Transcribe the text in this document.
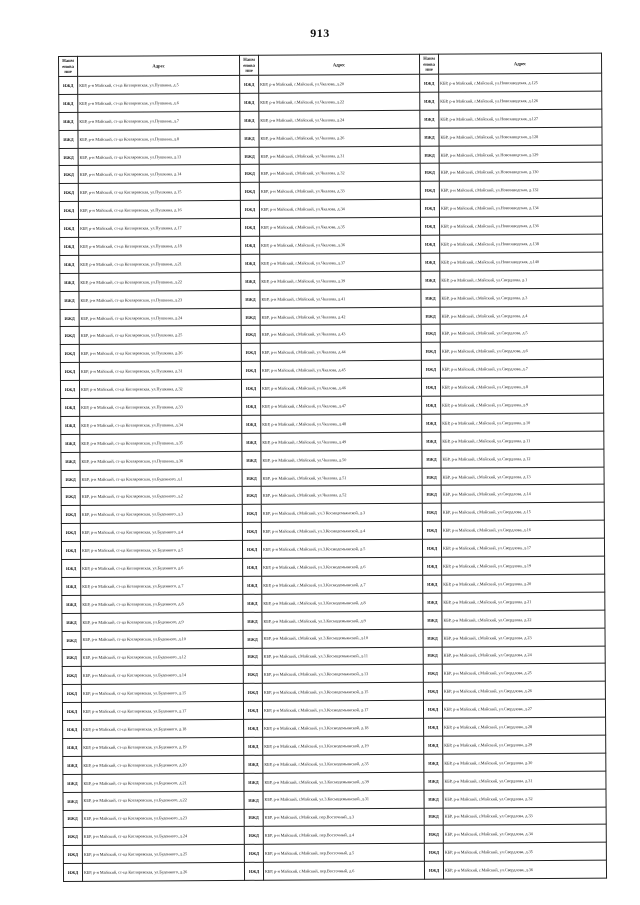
913
Наим енова ние	Адрес	Наим енова ние	Адрес	Наим енова ние	Адрес
ИЖД	КБР, р-н Майский, ст-ца Котляревская, ул.Пушкина, д.5	ИЖД	КБР, р-н Майский, г.Майский, ул.Чкалова, д.20	ИЖД	КБР, р-н Майский, г.Майский, ул.Новозаводская, д.125
ИЖД	КБР, р-н Майский, ст-ца Котляревская, ул.Пушкина, д.6	ИЖД	КБР, р-н Майский, г.Майский, ул.Чкалова, д.22	ИЖД	КБР, р-н Майский, г.Майский, ул.Новозаводская, д.126
ИЖД	КБР, р-н Майский, ст-ца Котляревская, ул.Пушкина, д.7	ИЖД	КБР, р-н Майский, г.Майский, ул.Чкалова, д.24	ИЖД	КБР, р-н Майский, г.Майский, ул.Новозаводская, д.127
ИЖД	КБР, р-н Майский, ст-ца Котляревская, ул.Пушкина, д.8	ИЖД	КБР, р-н Майский, г.Майский, ул.Чкалова, д.26	ИЖД	КБР, р-н Майский, г.Майский, ул.Новозаводская, д.128
ИЖД	КБР, р-н Майский, ст-ца Котляревская, ул.Пушкина, д.13	ИЖД	КБР, р-н Майский, г.Майский, ул.Чкалова, д.31	ИЖД	КБР, р-н Майский, г.Майский, ул.Новозаводская, д.129
ИЖД	КБР, р-н Майский, ст-ца Котляревская, ул.Пушкина, д.14	ИЖД	КБР, р-н Майский, г.Майский, ул.Чкалова, д.32	ИЖД	КБР, р-н Майский, г.Майский, ул.Новозаводская, д.130
ИЖД	КБР, р-н Майский, ст-ца Котляревская, ул.Пушкина, д.15	ИЖД	КБР, р-н Майский, г.Майский, ул.Чкалова, д.33	ИЖД	КБР, р-н Майский, г.Майский, ул.Новозаводская, д.132
ИЖД	КБР, р-н Майский, ст-ца Котляревская, ул.Пушкина, д.16	ИЖД	КБР, р-н Майский, г.Майский, ул.Чкалова, д.34	ИЖД	КБР, р-н Майский, г.Майский, ул.Новозаводская, д.134
ИЖД	КБР, р-н Майский, ст-ца Котляревская, ул.Пушкина, д.17	ИЖД	КБР, р-н Майский, г.Майский, ул.Чкалова, д.35	ИЖД	КБР, р-н Майский, г.Майский, ул.Новозаводская, д.136
ИЖД	КБР, р-н Майский, ст-ца Котляревская, ул.Пушкина, д.18	ИЖД	КБР, р-н Майский, г.Майский, ул.Чкалова, д.36	ИЖД	КБР, р-н Майский, г.Майский, ул.Новозаводская, д.138
ИЖД	КБР, р-н Майский, ст-ца Котляревская, ул.Пушкина, д.21	ИЖД	КБР, р-н Майский, г.Майский, ул.Чкалова, д.37	ИЖД	КБР, р-н Майский, г.Майский, ул.Новозаводская, д.140
ИЖД	КБР, р-н Майский, ст-ца Котляревская, ул.Пушкина, д.22	ИЖД	КБР, р-н Майский, г.Майский, ул.Чкалова, д.39	ИЖД	КБР, р-н Майский, г.Майский, ул.Свердлова, д.1
ИЖД	КБР, р-н Майский, ст-ца Котляревская, ул.Пушкина, д.23	ИЖД	КБР, р-н Майский, г.Майский, ул.Чкалова, д.41	ИЖД	КБР, р-н Майский, г.Майский, ул.Свердлова, д.3
ИЖД	КБР, р-н Майский, ст-ца Котляревская, ул.Пушкина, д.24	ИЖД	КБР, р-н Майский, г.Майский, ул.Чкалова, д.42	ИЖД	КБР, р-н Майский, г.Майский, ул.Свердлова, д.4
ИЖД	КБР, р-н Майский, ст-ца Котляревская, ул.Пушкина, д.25	ИЖД	КБР, р-н Майский, г.Майский, ул.Чкалова, д.43	ИЖД	КБР, р-н Майский, г.Майский, ул.Свердлова, д.5
ИЖД	КБР, р-н Майский, ст-ца Котляревская, ул.Пушкина, д.26	ИЖД	КБР, р-н Майский, г.Майский, ул.Чкалова, д.44	ИЖД	КБР, р-н Майский, г.Майский, ул.Свердлова, д.6
ИЖД	КБР, р-н Майский, ст-ца Котляревская, ул.Пушкина, д.31	ИЖД	КБР, р-н Майский, г.Майский, ул.Чкалова, д.45	ИЖД	КБР, р-н Майский, г.Майский, ул.Свердлова, д.7
ИЖД	КБР, р-н Майский, ст-ца Котляревская, ул.Пушкина, д.32	ИЖД	КБР, р-н Майский, г.Майский, ул.Чкалова, д.46	ИЖД	КБР, р-н Майский, г.Майский, ул.Свердлова, д.8
ИЖД	КБР, р-н Майский, ст-ца Котляревская, ул.Пушкина, д.33	ИЖД	КБР, р-н Майский, г.Майский, ул.Чкалова, д.47	ИЖД	КБР, р-н Майский, г.Майский, ул.Свердлова, д.9
ИЖД	КБР, р-н Майский, ст-ца Котляревская, ул.Пушкина, д.34	ИЖД	КБР, р-н Майский, г.Майский, ул.Чкалова, д.48	ИЖД	КБР, р-н Майский, г.Майский, ул.Свердлова, д.10
ИЖД	КБР, р-н Майский, ст-ца Котляревская, ул.Пушкина, д.35	ИЖД	КБР, р-н Майский, г.Майский, ул.Чкалова, д.49	ИЖД	КБР, р-н Майский, г.Майский, ул.Свердлова, д.11
ИЖД	КБР, р-н Майский, ст-ца Котляревская, ул.Пушкина, д.36	ИЖД	КБР, р-н Майский, г.Майский, ул.Чкалова, д.50	ИЖД	КБР, р-н Майский, г.Майский, ул.Свердлова, д.12
ИЖД	КБР, р-н Майский, ст-ца Котляревская, ул.Буденного, д.1	ИЖД	КБР, р-н Майский, г.Майский, ул.Чкалова, д.51	ИЖД	КБР, р-н Майский, г.Майский, ул.Свердлова, д.13
ИЖД	КБР, р-н Майский, ст-ца Котляревская, ул.Буденного, д.2	ИЖД	КБР, р-н Майский, г.Майский, ул.Чкалова, д.52	ИЖД	КБР, р-н Майский, г.Майский, ул.Свердлова, д.14
ИЖД	КБР, р-н Майский, ст-ца Котляревская, ул.Буденного, д.3	ИЖД	КБР, р-н Майский, г.Майский, ул.3 Космодемьянской, д.3	ИЖД	КБР, р-н Майский, г.Майский, ул.Свердлова, д.15
ИЖД	КБР, р-н Майский, ст-ца Котляревская, ул.Буденного, д.4	ИЖД	КБР, р-н Майский, г.Майский, ул.3.Космодемьянской, д.4	ИЖД	КБР, р-н Майский, г.Майский, ул.Свердлова, д.16
ИЖД	КБР, р-н Майский, ст-ца Котляревская, ул.Буденного, д.5	ИЖД	КБР, р-н Майский, г.Майский, ул.3.Космодемьянской, д.5	ИЖД	КБР, р-н Майский, г.Майский, ул.Свердлова, д.17
ИЖД	КБР, р-н Майский, ст-ца Котляревская, ул.Буденного, д.6	ИЖД	КБР, р-н Майский, г.Майский, ул.3.Космодемьянской, д.6	ИЖД	КБР, р-н Майский, г.Майский, ул.Свердлова, д.19
ИЖД	КБР, р-н Майский, ст-ца Котляревская, ул.Буденного, д.7	ИЖД	КБР, р-н Майский, г.Майский, ул.3.Космодемьянской, д.7	ИЖД	КБР, р-н Майский, г.Майский, ул.Свердлова, д.20
ИЖД	КБР, р-н Майский, ст-ца Котляревская, ул.Буденного, д.8	ИЖД	КБР, р-н Майский, г.Майский, ул.3.Космодемьянской, д.8	ИЖД	КБР, р-н Майский, г.Майский, ул.Свердлова, д.21
ИЖД	КБР, р-н Майский, ст-ца Котляревская, ул.Буденного, д.9	ИЖД	КБР, р-н Майский, г.Майский, ул.3.Космодемьянской, д.9	ИЖД	КБР, р-н Майский, г.Майский, ул.Свердлова, д.22
ИЖД	КБР, р-н Майский, ст-ца Котляревская, ул.Буденного, д.10	ИЖД	КБР, р-н Майский, г.Майский, ул.3.Космодемьянской, д.10	ИЖД	КБР, р-н Майский, г.Майский, ул.Свердлова, д.23
ИЖД	КБР, р-н Майский, ст-ца Котляревская, ул.Буденного, д.12	ИЖД	КБР, р-н Майский, г.Майский, ул.3.Космодемьянской, д.11	ИЖД	КБР, р-н Майский, г.Майский, ул.Свердлова, д.24
ИЖД	КБР, р-н Майский, ст-ца Котляревская, ул.Буденного, д.14	ИЖД	КБР, р-н Майский, г.Майский, ул.3.Космодемьянской, д.13	ИЖД	КБР, р-н Майский, г.Майский, ул.Свердлова, д.25
ИЖД	КБР, р-н Майский, ст-ца Котляревская, ул.Буденного, д.15	ИЖД	КБР, р-н Майский, г.Майский, ул.3.Космодемьянской, д.15	ИЖД	КБР, р-н Майский, г.Майский, ул.Свердлова, д.26
ИЖД	КБР, р-н Майский, ст-ца Котляревская, ул.Буденного, д.17	ИЖД	КБР, р-н Майский, г.Майский, ул.3.Космодемьянской, д.17	ИЖД	КБР, р-н Майский, г.Майский, ул.Свердлова, д.27
ИЖД	КБР, р-н Майский, ст-ца Котляревская, ул.Буденного, д.18	ИЖД	КБР, р-н Майский, г.Майский, ул.3.Космодемьянской, д.18	ИЖД	КБР, р-н Майский, г.Майский, ул.Свердлова, д.28
ИЖД	КБР, р-н Майский, ст-ца Котляревская, ул.Буденного, д.19	ИЖД	КБР, р-н Майский, г.Майский, ул.3.Космодемьянской, д.19	ИЖД	КБР, р-н Майский, г.Майский, ул.Свердлова, д.29
ИЖД	КБР, р-н Майский, ст-ца Котляревская, ул.Буденного, д.20	ИЖД	КБР, р-н Майский, г.Майский, ул.3.Космодемьянской, д.35	ИЖД	КБР, р-н Майский, г.Майский, ул.Свердлова, д.30
ИЖД	КБР, р-н Майский, ст-ца Котляревская, ул.Буденного, д.21	ИЖД	КБР, р-н Майский, г.Майский, ул.3.Космодемьянской, д.39	ИЖД	КБР, р-н Майский, г.Майский, ул.Свердлова, д.31
ИЖД	КБР, р-н Майский, ст-ца Котляревская, ул.Буденного, д.22	ИЖД	КБР, р-н Майский, г.Майский, ул.3.Космодемьянской, д.31	ИЖД	КБР, р-н Майский, г.Майский, ул.Свердлова, д.32
ИЖД	КБР, р-н Майский, ст-ца Котляревская, ул.Буденного, д.23	ИЖД	КБР, р-н Майский, г.Майский, пер.Восточный, д.3	ИЖД	КБР, р-н Майский, г.Майский, ул.Свердлова, д.33
ИЖД	КБР, р-н Майский, ст-ца Котляревская, ул.Буденного, д.24	ИЖД	КБР, р-н Майский, г.Майский, пер.Восточный, д.4	ИЖД	КБР, р-н Майский, г.Майский, ул.Свердлова, д.34
ИЖД	КБР, р-н Майский, ст-ца Котляревская, ул.Буденного, д.25	ИЖД	КБР, р-н Майский, г.Майский, пер.Восточный, д.5	ИЖД	КБР, р-н Майский, г.Майский, ул.Свердлова, д.35
ИЖД	КБР, р-н Майский, ст-ца Котляревская, ул.Буденного, д.26	ИЖД	КБР, р-н Майский, г.Майский, пер.Восточный, д.6	ИЖД	КБР, р-н Майский, г.Майский, ул.Свердлова, д.36
